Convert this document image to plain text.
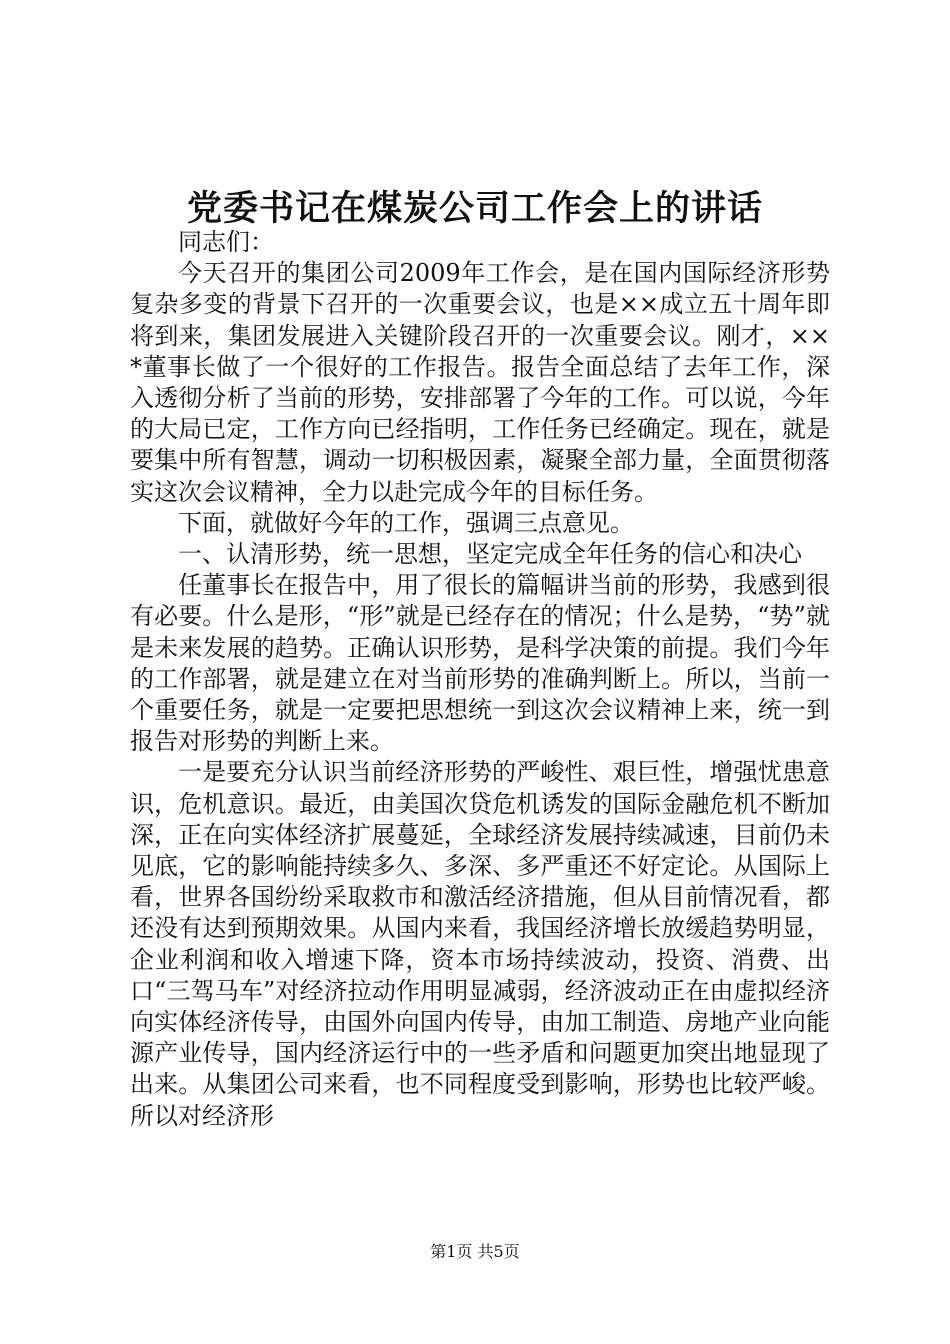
党委书记在煤炭公司工作会上的讲话

同志们：

今天召开的集团公司2009年工作会，是在国内国际经济形势复杂多变的背景下召开的一次重要会议，也是××成立五十周年即将到来，集团发展进入关键阶段召开的一次重要会议。刚才，××*董事长做了一个很好的工作报告。报告全面总结了去年工作，深入透彻分析了当前的形势，安排部署了今年的工作。可以说，今年的大局已定，工作方向已经指明，工作任务已经确定。现在，就是要集中所有智慧，调动一切积极因素，凝聚全部力量，全面贯彻落实这次会议精神，全力以赴完成今年的目标任务。

下面，就做好今年的工作，强调三点意见。

一、认清形势，统一思想，坚定完成全年任务的信心和决心

任董事长在报告中，用了很长的篇幅讲当前的形势，我感到很有必要。什么是形，“形”就是已经存在的情况；什么是势，“势”就是未来发展的趋势。正确认识形势，是科学决策的前提。我们今年的工作部署，就是建立在对当前形势的准确判断上。所以，当前一个重要任务，就是一定要把思想统一到这次会议精神上来，统一到报告对形势的判断上来。

一是要充分认识当前经济形势的严峻性、艰巨性，增强忧患意识，危机意识。最近，由美国次贷危机诱发的国际金融危机不断加深，正在向实体经济扩展蔓延，全球经济发展持续减速，目前仍未见底，它的影响能持续多久、多深、多严重还不好定论。从国际上看，世界各国纷纷采取救市和激活经济措施，但从目前情况看，都还没有达到预期效果。从国内来看，我国经济增长放缓趋势明显，企业利润和收入增速下降，资本市场持续波动，投资、消费、出口“三驾马车”对经济拉动作用明显减弱，经济波动正在由虚拟经济向实体经济传导，由国外向国内传导，由加工制造、房地产业向能源产业传导，国内经济运行中的一些矛盾和问题更加突出地显现了出来。从集团公司来看，也不同程度受到影响，形势也比较严峻。所以对经济形

第1页 共5页
